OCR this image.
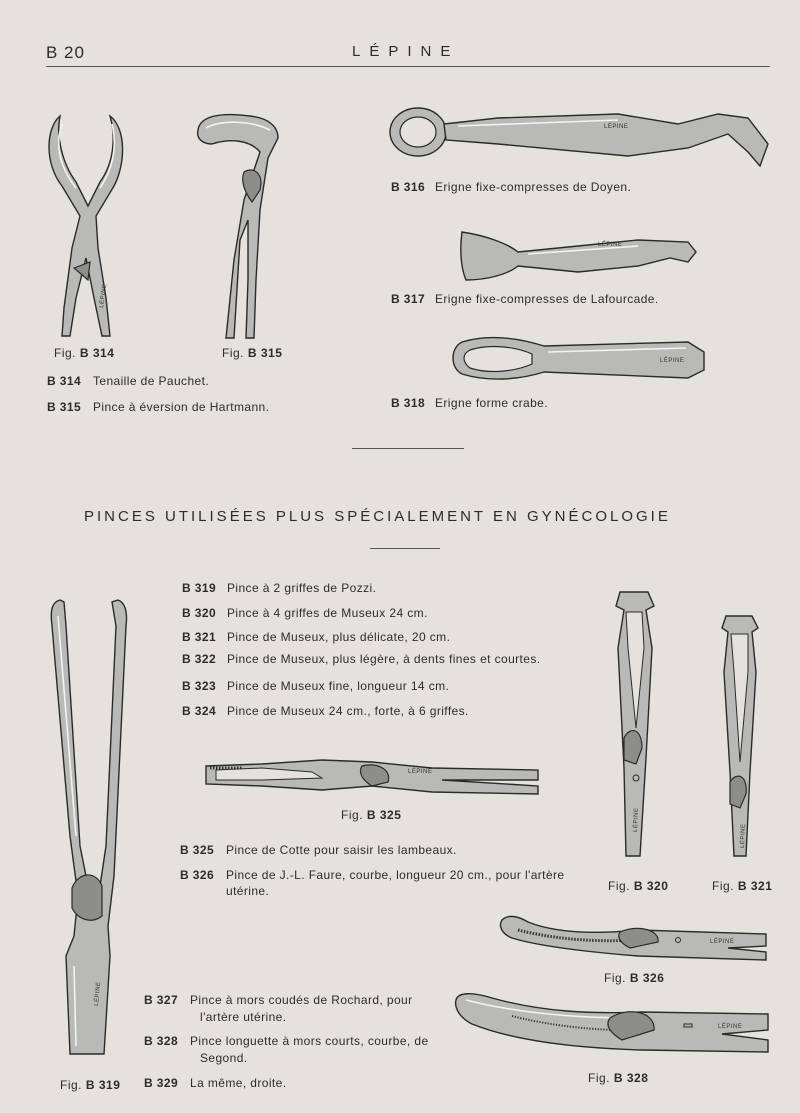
B 20	LÉPINE
LÉPINE
Fig. B 314	Fig. B 315
B 314 Tenaille de Pauchet.
B 315 Pince à éversion de Hartmann.
LÉPINE
B 316 Erigne fixe-compresses de Doyen.
LÉPINE
B 317 Erigne fixe-compresses de Lafourcade.
LÉPINE
B 318 Erigne forme crabe.
PINCES UTILISÉES PLUS SPÉCIALEMENT EN GYNÉCOLOGIE
B 319 Pince à 2 griffes de Pozzi.
B 320 Pince à 4 griffes de Museux 24 cm.
B 321 Pince de Museux, plus délicate, 20 cm.
B 322 Pince de Museux, plus légère, à dents fines et courtes.
B 323 Pince de Museux fine, longueur 14 cm.
B 324 Pince de Museux 24 cm., forte, à 6 griffes.
LÉPINE
Fig. B 319
LÉPINE
Fig. B 325
B 325 Pince de Cotte pour saisir les lambeaux.
B 326 Pince de J.-L. Faure, courbe, longueur 20 cm., pour l'artère
utérine.
LÉPINE
Fig. B 320
LÉPINE
Fig. B 321
LÉPINE
Fig. B 326
LÉPINE
Fig. B 328
B 327 Pince à mors coudés de Rochard, pour
l'artère utérine.
B 328 Pince longuette à mors courts, courbe, de
Segond.
B 329 La même, droite.
